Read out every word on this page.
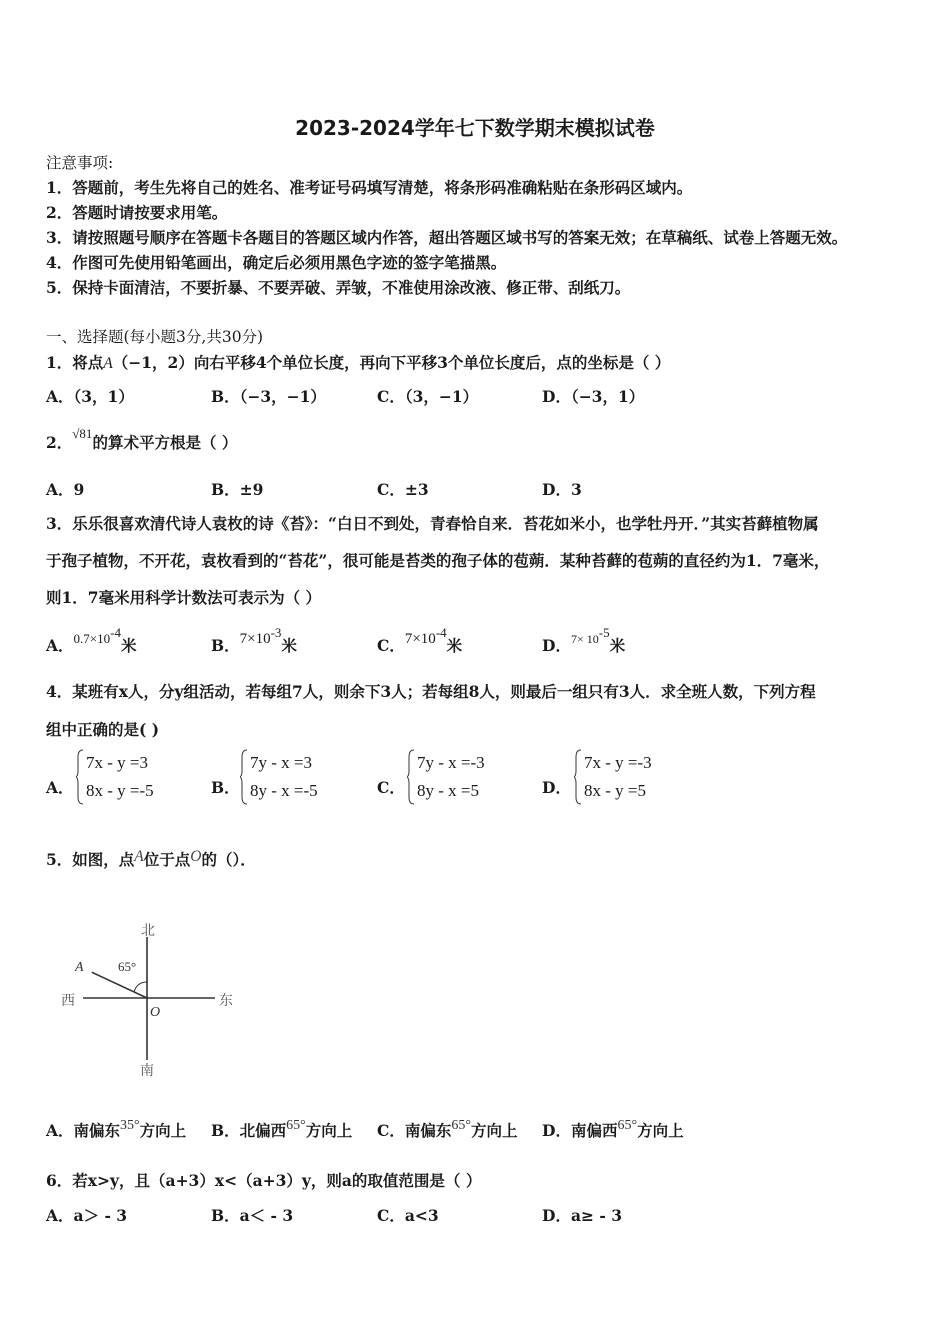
2023-2024学年七下数学期末模拟试卷
注意事项:
1．答题前，考生先将自己的姓名、准考证号码填写清楚，将条形码准确粘贴在条形码区域内。
2．答题时请按要求用笔。
3．请按照题号顺序在答题卡各题目的答题区域内作答，超出答题区域书写的答案无效；在草稿纸、试卷上答题无效。
4．作图可先使用铅笔画出，确定后必须用黑色字迹的签字笔描黑。
5．保持卡面清洁，不要折暴、不要弄破、弄皱，不准使用涂改液、修正带、刮纸刀。
一、选择题(每小题3分,共30分)
1．将点A（−1，2）向右平移4个单位长度，再向下平移3个单位长度后，点的坐标是（ ）
A．（3，1）	B．（−3，−1）	C．（3，−1）	D．（−3，1）
2．$^{√81}$的算术平方根是（ ）
A．9	B．±9	C．±3	D．3
3．乐乐很喜欢清代诗人袁枚的诗《苔》：“白日不到处，青春恰自来．苔花如米小，也学牡丹开．”其实苔藓植物属
于孢子植物，不开花，袁枚看到的“苔花”，很可能是苔类的孢子体的苞蒴．某种苔藓的苞蒴的直径约为1．7毫米，
则1．7毫米用科学计数法可表示为（ ）
A．$^{0.7\times 10-4}$米	B．$7\times 10^{-3}$米	C．$7\times 10^{-4}$米	D．$^{7\times 10-5}$米
4．某班有x人，分y组活动，若每组7人，则余下3人；若每组8人，则最后一组只有3人．求全班人数，下列方程
组中正确的是( )
A．
7x - y =3
8x - y =-5	B．
7y - x =3
8y - x =-5	C．
7y - x =-3
8y - x =5	D．
7x - y =-3
8x - y =5
5．如图，点A位于点O的（）．
北
南
西	东
A
O
65°
A．南偏东35°方向上 B．北偏西65°方向上 C．南偏东65°方向上 D．南偏西65°方向上
6．若x>y，且（a+3）x<（a+3）y，则a的取值范围是（ ）
A．a＞ - 3	B．a＜ - 3	C．a<3	D．a≥ - 3
